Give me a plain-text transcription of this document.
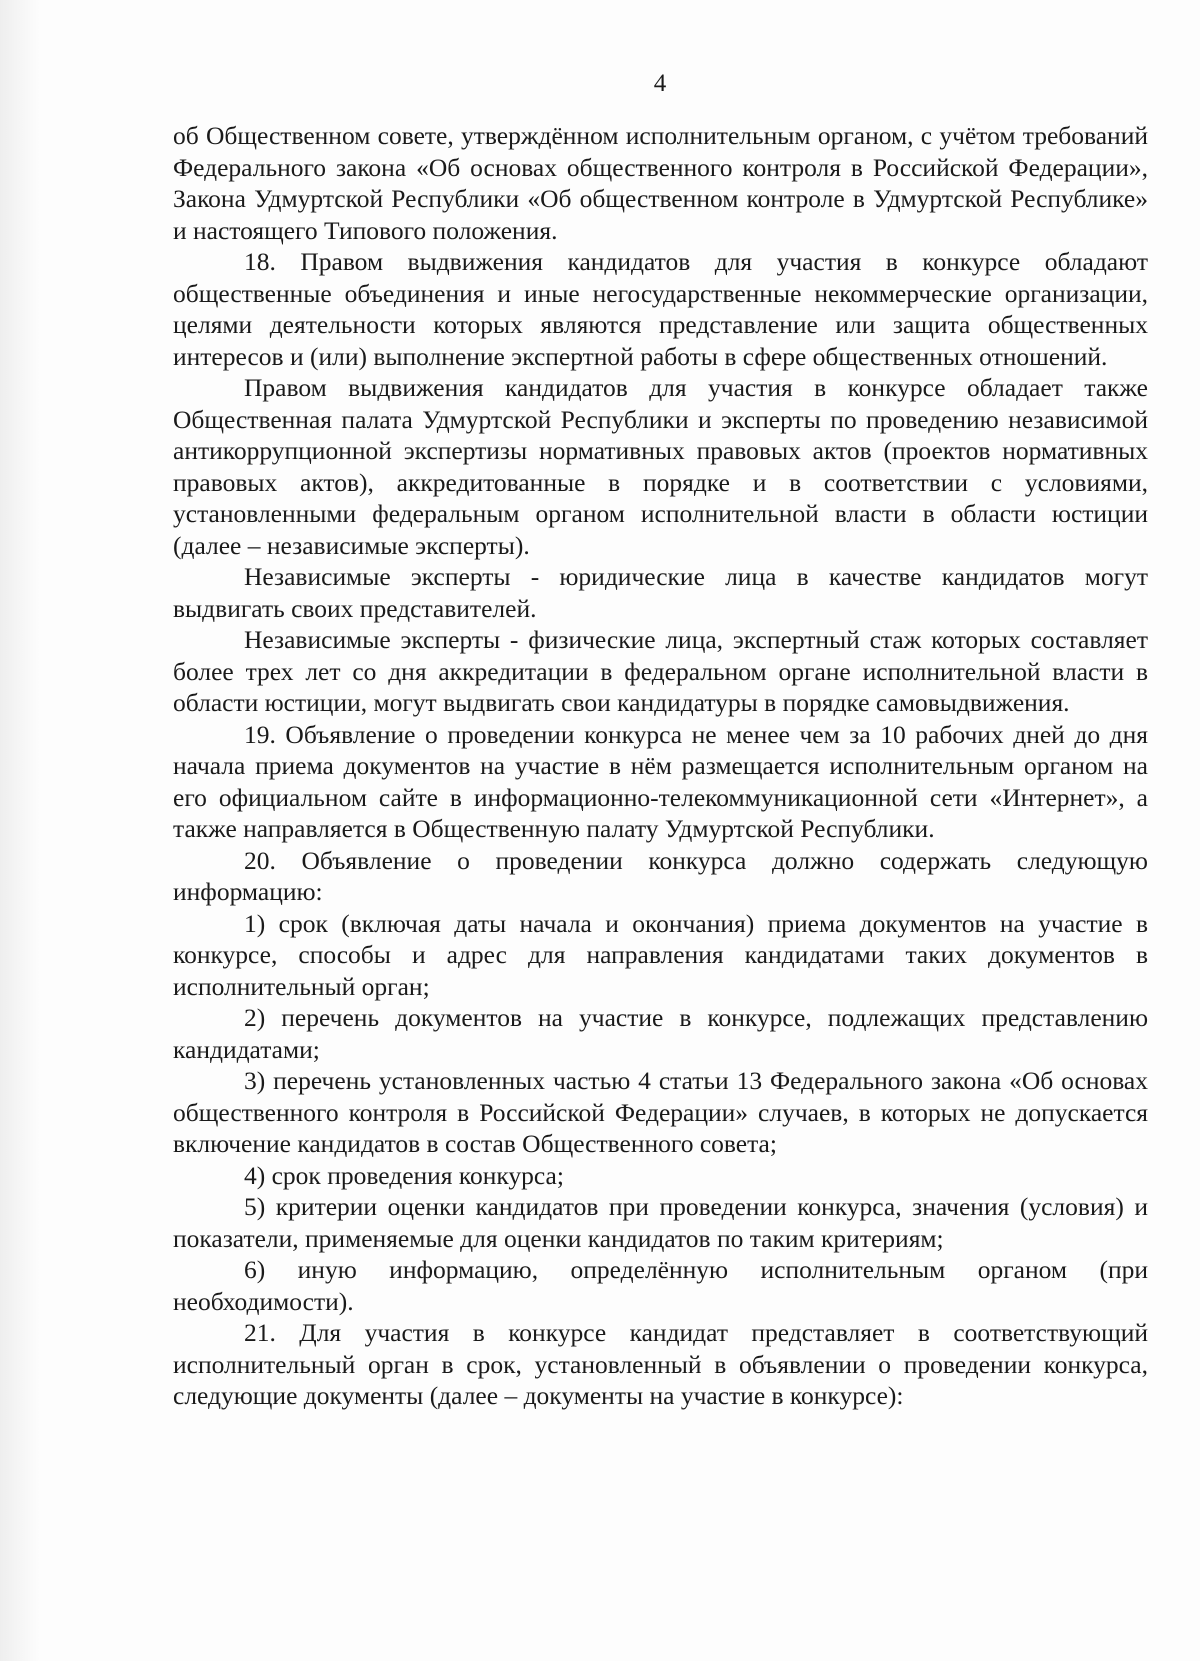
4

об Общественном совете, утверждённом исполнительным органом, с учётом требований Федерального закона «Об основах общественного контроля в Российской Федерации», Закона Удмуртской Республики «Об общественном контроле в Удмуртской Республике» и настоящего Типового положения.

18. Правом выдвижения кандидатов для участия в конкурсе обладают общественные объединения и иные негосударственные некоммерческие организации, целями деятельности которых являются представление или защита общественных интересов и (или) выполнение экспертной работы в сфере общественных отношений.

Правом выдвижения кандидатов для участия в конкурсе обладает также Общественная палата Удмуртской Республики и эксперты по проведению независимой антикоррупционной экспертизы нормативных правовых актов (проектов нормативных правовых актов), аккредитованные в порядке и в соответствии с условиями, установленными федеральным органом исполнительной власти в области юстиции (далее – независимые эксперты).

Независимые эксперты - юридические лица в качестве кандидатов могут выдвигать своих представителей.

Независимые эксперты - физические лица, экспертный стаж которых составляет более трех лет со дня аккредитации в федеральном органе исполнительной власти в области юстиции, могут выдвигать свои кандидатуры в порядке самовыдвижения.

19. Объявление о проведении конкурса не менее чем за 10 рабочих дней до дня начала приема документов на участие в нём размещается исполнительным органом на его официальном сайте в информационно-телекоммуникационной сети «Интернет», а также направляется в Общественную палату Удмуртской Республики.

20. Объявление о проведении конкурса должно содержать следующую информацию:

1) срок (включая даты начала и окончания) приема документов на участие в конкурсе, способы и адрес для направления кандидатами таких документов в исполнительный орган;

2) перечень документов на участие в конкурсе, подлежащих представлению кандидатами;

3) перечень установленных частью 4 статьи 13 Федерального закона «Об основах общественного контроля в Российской Федерации» случаев, в которых не допускается включение кандидатов в состав Общественного совета;

4) срок проведения конкурса;

5) критерии оценки кандидатов при проведении конкурса, значения (условия) и показатели, применяемые для оценки кандидатов по таким критериям;

6) иную информацию, определённую исполнительным органом (при необходимости).

21. Для участия в конкурсе кандидат представляет в соответствующий исполнительный орган в срок, установленный в объявлении о проведении конкурса, следующие документы (далее – документы на участие в конкурсе):
